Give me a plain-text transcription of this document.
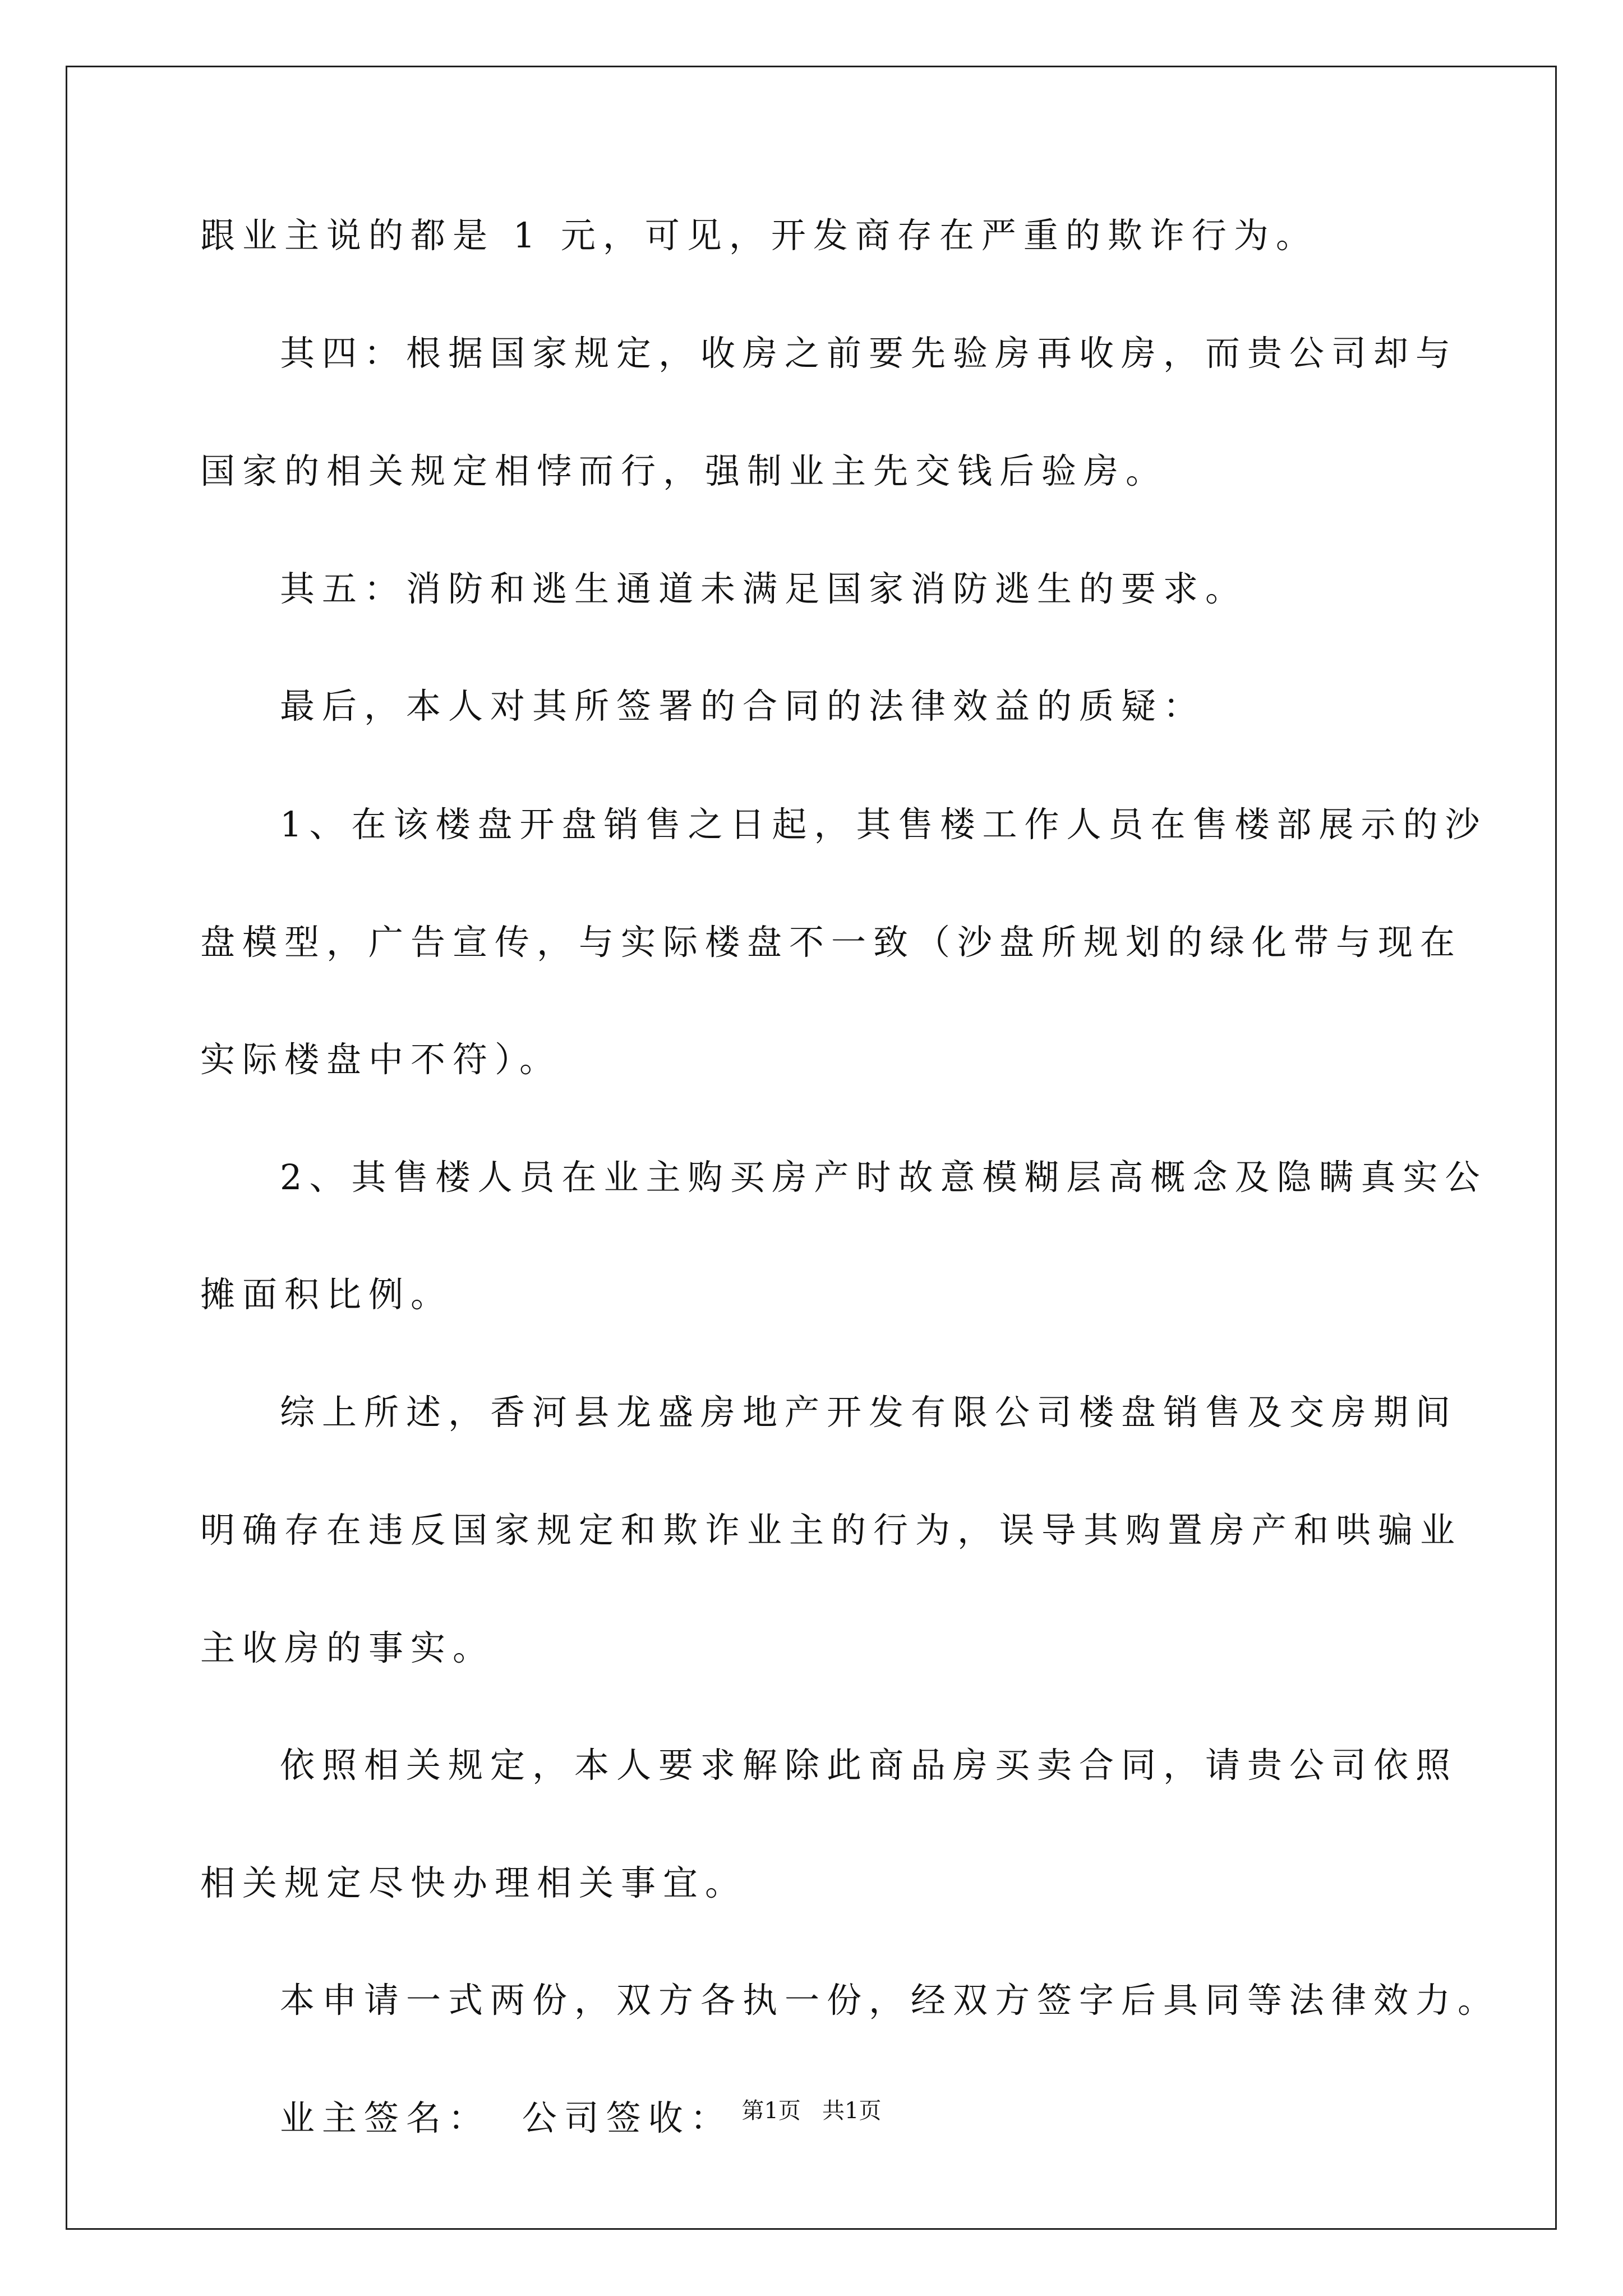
跟业主说的都是 1 元，可见，开发商存在严重的欺诈行为。
其四：根据国家规定，收房之前要先验房再收房，而贵公司却与
国家的相关规定相悖而行，强制业主先交钱后验房。
其五：消防和逃生通道未满足国家消防逃生的要求。
最后，本人对其所签署的合同的法律效益的质疑：
1、在该楼盘开盘销售之日起，其售楼工作人员在售楼部展示的沙
盘模型，广告宣传，与实际楼盘不一致（沙盘所规划的绿化带与现在
实际楼盘中不符）。
2、其售楼人员在业主购买房产时故意模糊层高概念及隐瞒真实公
摊面积比例。
综上所述，香河县龙盛房地产开发有限公司楼盘销售及交房期间
明确存在违反国家规定和欺诈业主的行为，误导其购置房产和哄骗业
主收房的事实。
依照相关规定，本人要求解除此商品房买卖合同，请贵公司依照
相关规定尽快办理相关事宜。
本申请一式两份，双方各执一份，经双方签字后具同等法律效力。
业主签名： 公司签收： 第1页   共1页
